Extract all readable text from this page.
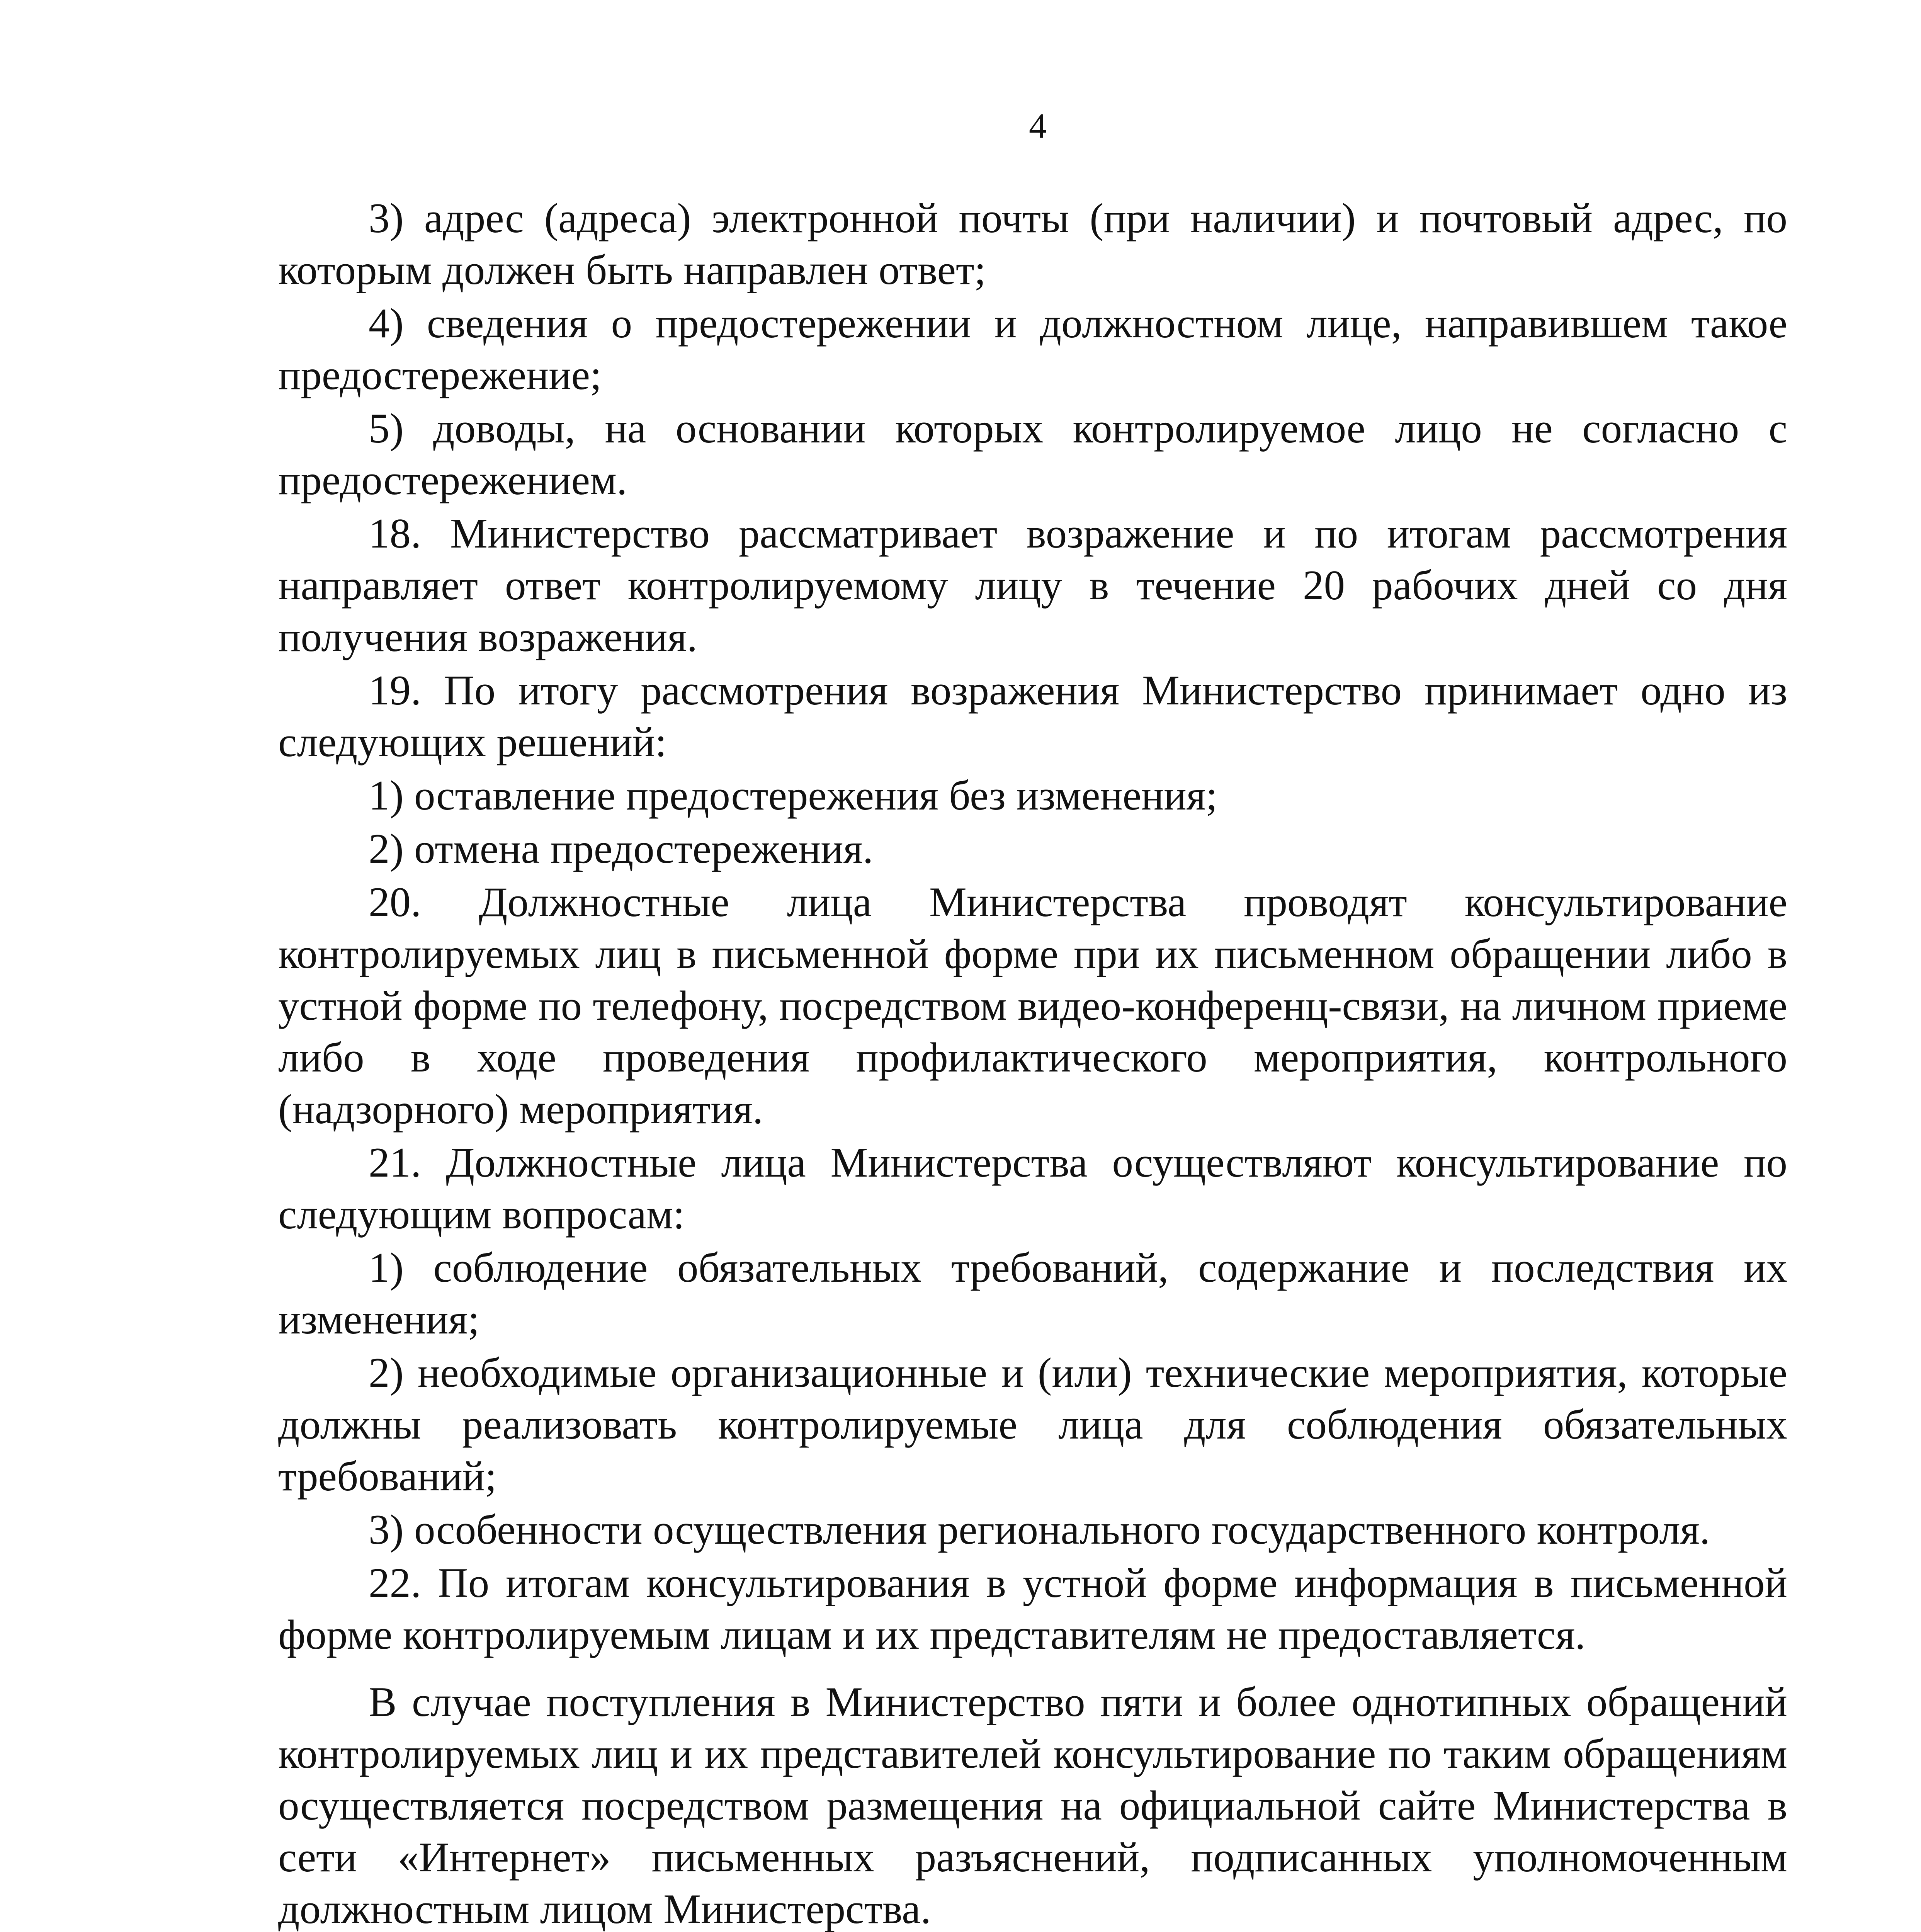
4

3) адрес (адреса) электронной почты (при наличии) и почтовый адрес, по которым должен быть направлен ответ;

4) сведения о предостережении и должностном лице, направившем такое предостережение;

5) доводы, на основании которых контролируемое лицо не согласно с предостережением.

18. Министерство рассматривает возражение и по итогам рассмотрения направляет ответ контролируемому лицу в течение 20 рабочих дней со дня получения возражения.

19. По итогу рассмотрения возражения Министерство принимает одно из следующих решений:

1) оставление предостережения без изменения;

2) отмена предостережения.

20. Должностные лица Министерства проводят консультирование контролируемых лиц в письменной форме при их письменном обращении либо в устной форме по телефону, посредством видео-конференц-связи, на личном приеме либо в ходе проведения профилактического мероприятия, контрольного (надзорного) мероприятия.

21. Должностные лица Министерства осуществляют консультирование по следующим вопросам:

1) соблюдение обязательных требований, содержание и последствия их изменения;

2) необходимые организационные и (или) технические мероприятия, которые должны реализовать контролируемые лица для соблюдения обязательных требований;

3) особенности осуществления регионального государственного контроля.

22. По итогам консультирования в устной форме информация в письменной форме контролируемым лицам и их представителям не предоставляется.

В случае поступления в Министерство пяти и более однотипных обращений контролируемых лиц и их представителей консультирование по таким обращениям осуществляется посредством размещения на официальной сайте Министерства в сети «Интернет» письменных разъяснений, подписанных уполномоченным должностным лицом Министерства.
